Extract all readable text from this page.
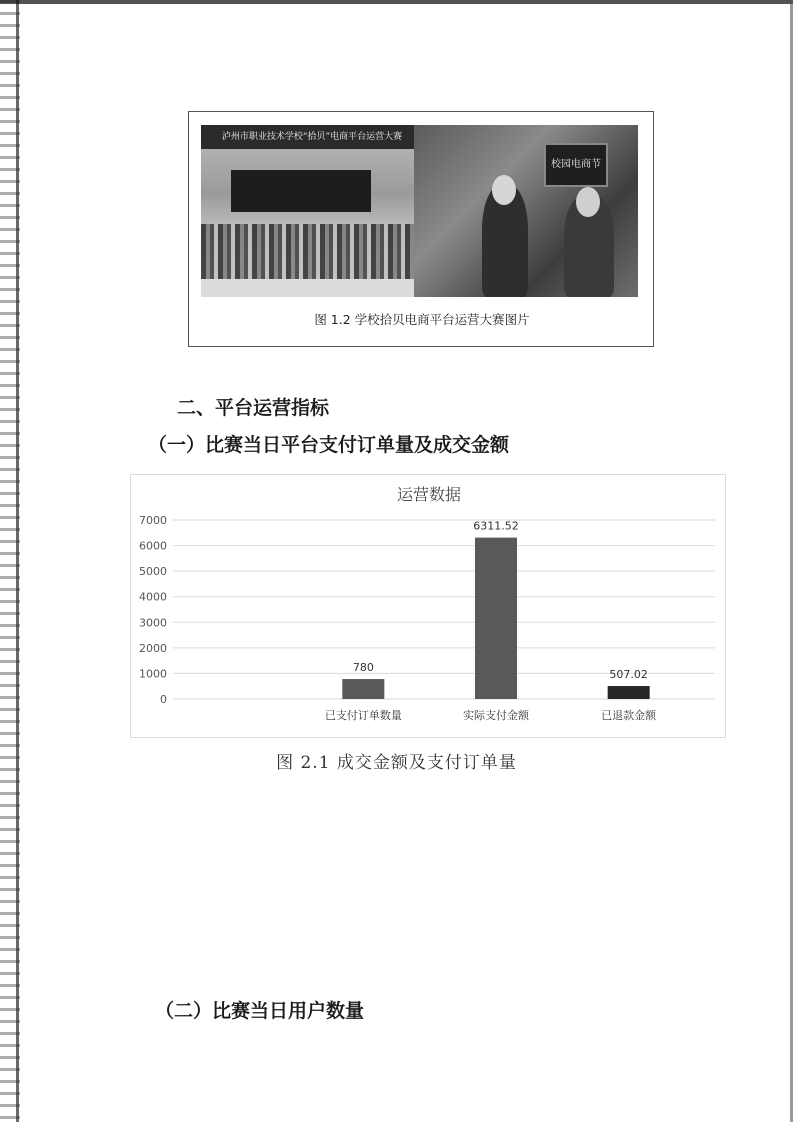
泸州市职业技术学校“拾贝”电商平台运营大赛
校园电商节
图 1.2 学校拾贝电商平台运营大赛图片
二、平台运营指标
（一）比赛当日平台支付订单量及成交金额
运营数据
0
1000
2000
3000
4000
5000
6000
7000
780
已支付订单数量
6311.52
实际支付金额
507.02
已退款金额
图 2.1 成交金额及支付订单量
（二）比赛当日用户数量
